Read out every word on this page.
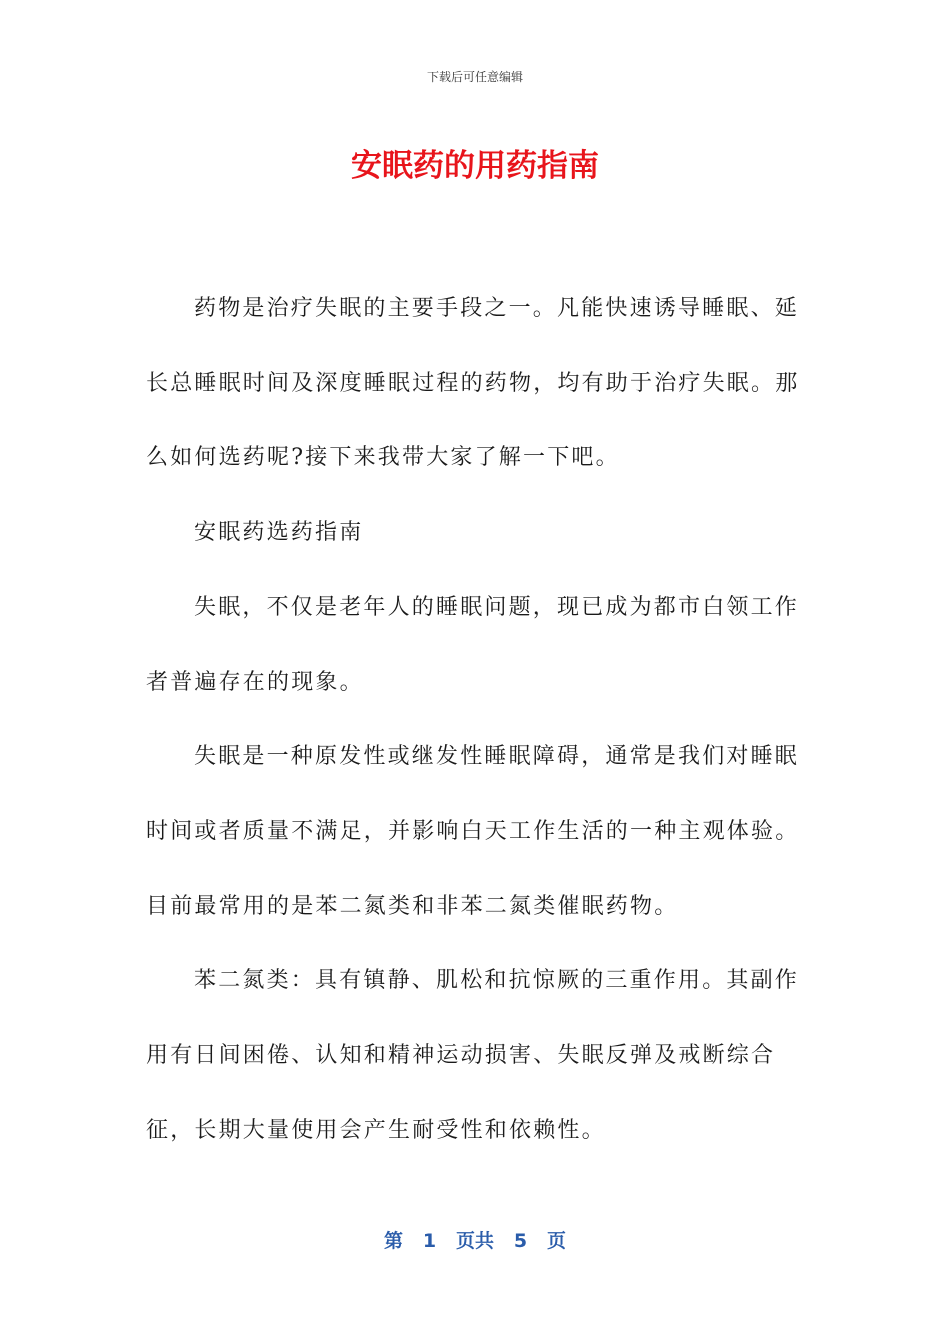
下载后可任意编辑
安眠药的用药指南

药物是治疗失眠的主要手段之一。凡能快速诱导睡眠、延长总睡眠时间及深度睡眠过程的药物，均有助于治疗失眠。那么如何选药呢?接下来我带大家了解一下吧。

安眠药选药指南

失眠，不仅是老年人的睡眠问题，现已成为都市白领工作者普遍存在的现象。

失眠是一种原发性或继发性睡眠障碍，通常是我们对睡眠时间或者质量不满足，并影响白天工作生活的一种主观体验。目前最常用的是苯二氮类和非苯二氮类催眠药物。

苯二氮类：具有镇静、肌松和抗惊厥的三重作用。其副作用有日间困倦、认知和精神运动损害、失眠反弹及戒断综合征，长期大量使用会产生耐受性和依赖性。

第 1 页共 5 页
